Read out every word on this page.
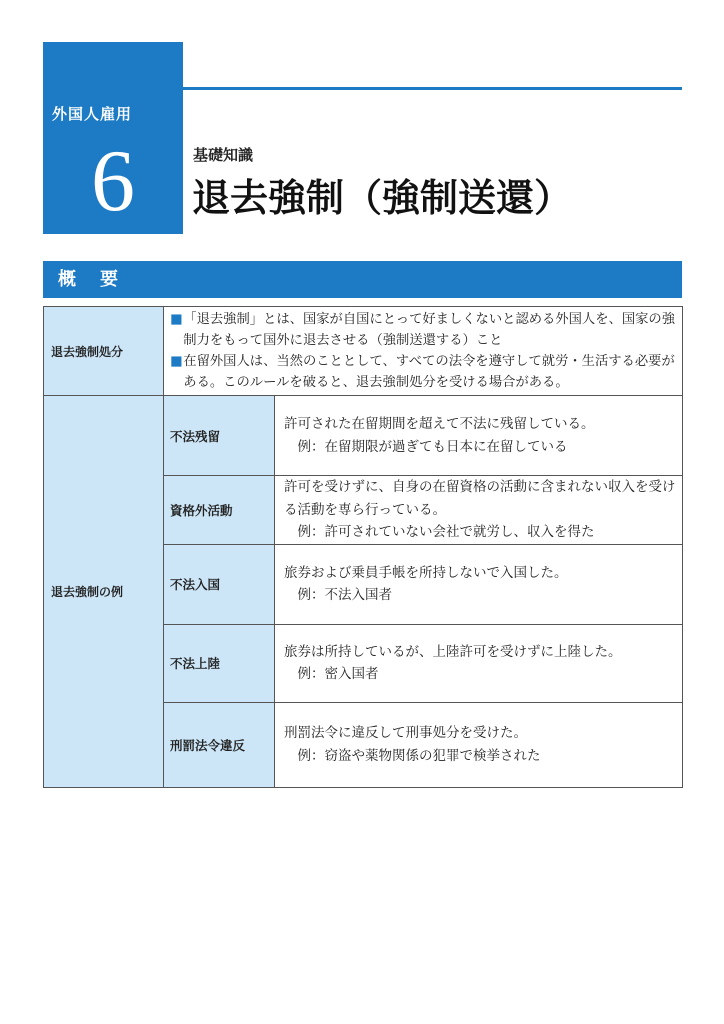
外国人雇用
6	基礎知識
退去強制（強制送還）
概　要
退去強制処分	■ 「退去強制」とは、国家が自国にとって好ましくないと認める外国人を、国家の強制力をもって国外に退去させる（強制送還する）こと
■ 在留外国人は、当然のこととして、すべての法令を遵守して就労・生活する必要がある。このルールを破ると、退去強制処分を受ける場合がある。	

退去強制の例	不法残留	許可された在留期間を超えて不法に残留している。
例：在留期限が過ぎても日本に在留している

	資格外活動	許可を受けずに、自身の在留資格の活動に含まれない収入を受ける活動を専ら行っている。
例：許可されていない会社で就労し、収入を得た

	不法入国	旅券および乗員手帳を所持しないで入国した。
例：不法入国者

	不法上陸	旅券は所持しているが、上陸許可を受けずに上陸した。
例：密入国者

	刑罰法令違反	刑罰法令に違反して刑事処分を受けた。
例：窃盗や薬物関係の犯罪で検挙された
